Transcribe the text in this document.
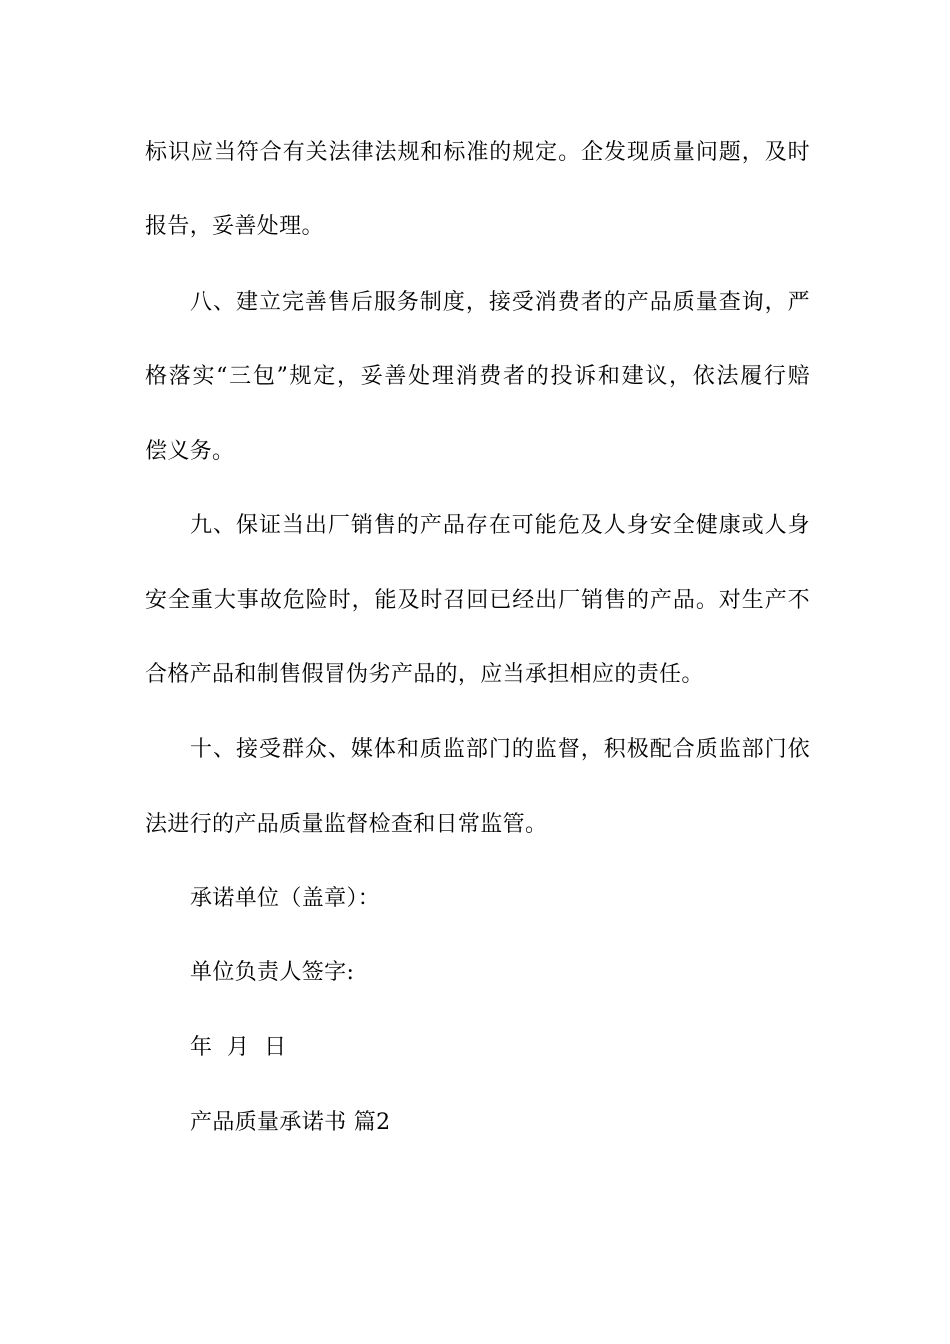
标识应当符合有关法律法规和标准的规定。企发现质量问题，及时
报告，妥善处理。
八、建立完善售后服务制度，接受消费者的产品质量查询，严
格落实“三包”规定，妥善处理消费者的投诉和建议，依法履行赔
偿义务。
九、保证当出厂销售的产品存在可能危及人身安全健康或人身
安全重大事故危险时，能及时召回已经出厂销售的产品。对生产不
合格产品和制售假冒伪劣产品的，应当承担相应的责任。
十、接受群众、媒体和质监部门的监督，积极配合质监部门依
法进行的产品质量监督检查和日常监管。
承诺单位（盖章）：
单位负责人签字:
年  月  日
产品质量承诺书 篇2
